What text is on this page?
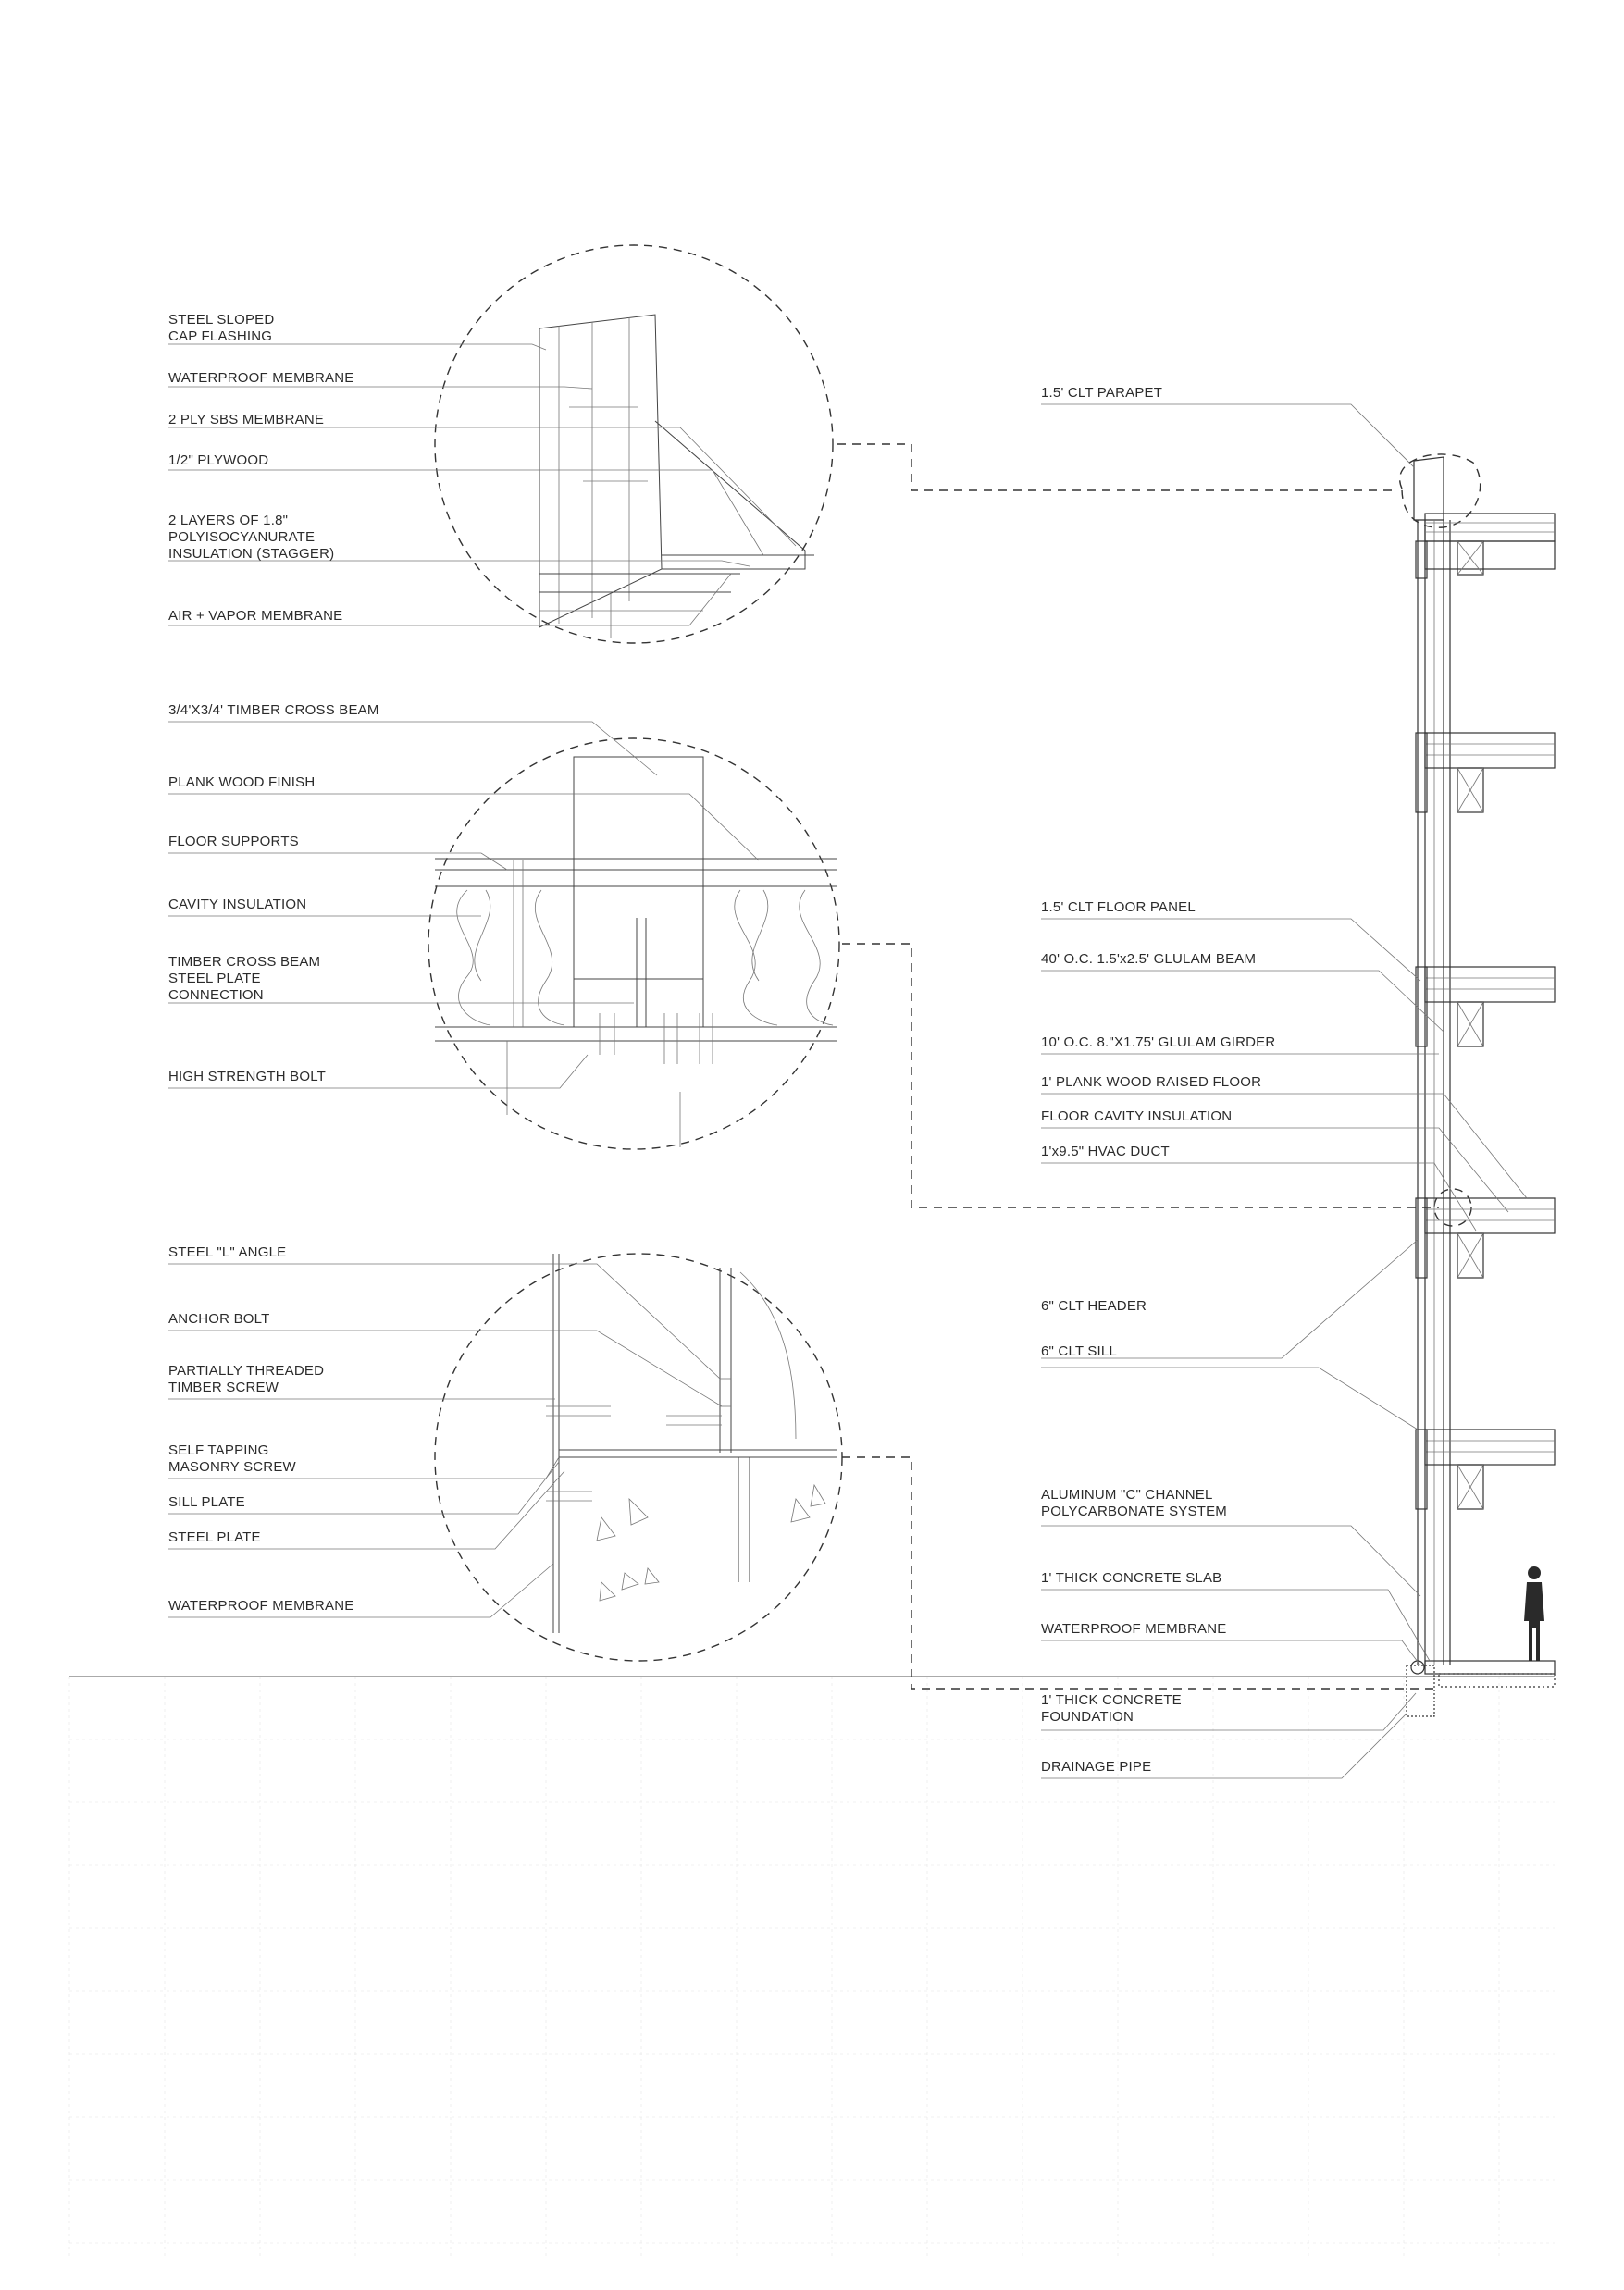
STEEL SLOPED CAP FLASHING
WATERPROOF MEMBRANE
2 PLY SBS MEMBRANE
1/2" PLYWOOD
2 LAYERS OF 1.8" POLYISOCYANURATE INSULATION (STAGGER)
AIR + VAPOR MEMBRANE
3/4'X3/4' TIMBER CROSS BEAM
PLANK WOOD FINISH
FLOOR SUPPORTS
CAVITY INSULATION
TIMBER CROSS BEAM STEEL PLATE CONNECTION
HIGH STRENGTH BOLT
STEEL "L" ANGLE
ANCHOR BOLT
PARTIALLY THREADED TIMBER SCREW
SELF TAPPING MASONRY SCREW
SILL PLATE
STEEL PLATE
WATERPROOF MEMBRANE
1.5' CLT PARAPET
1.5' CLT FLOOR PANEL
40' O.C. 1.5'x2.5' GLULAM BEAM
10' O.C. 8."X1.75' GLULAM GIRDER
1' PLANK WOOD RAISED FLOOR
FLOOR CAVITY INSULATION
1'x9.5" HVAC DUCT
6" CLT HEADER
6" CLT SILL
ALUMINUM "C" CHANNEL POLYCARBONATE SYSTEM
1' THICK CONCRETE SLAB
WATERPROOF MEMBRANE
1' THICK CONCRETE FOUNDATION
DRAINAGE PIPE
